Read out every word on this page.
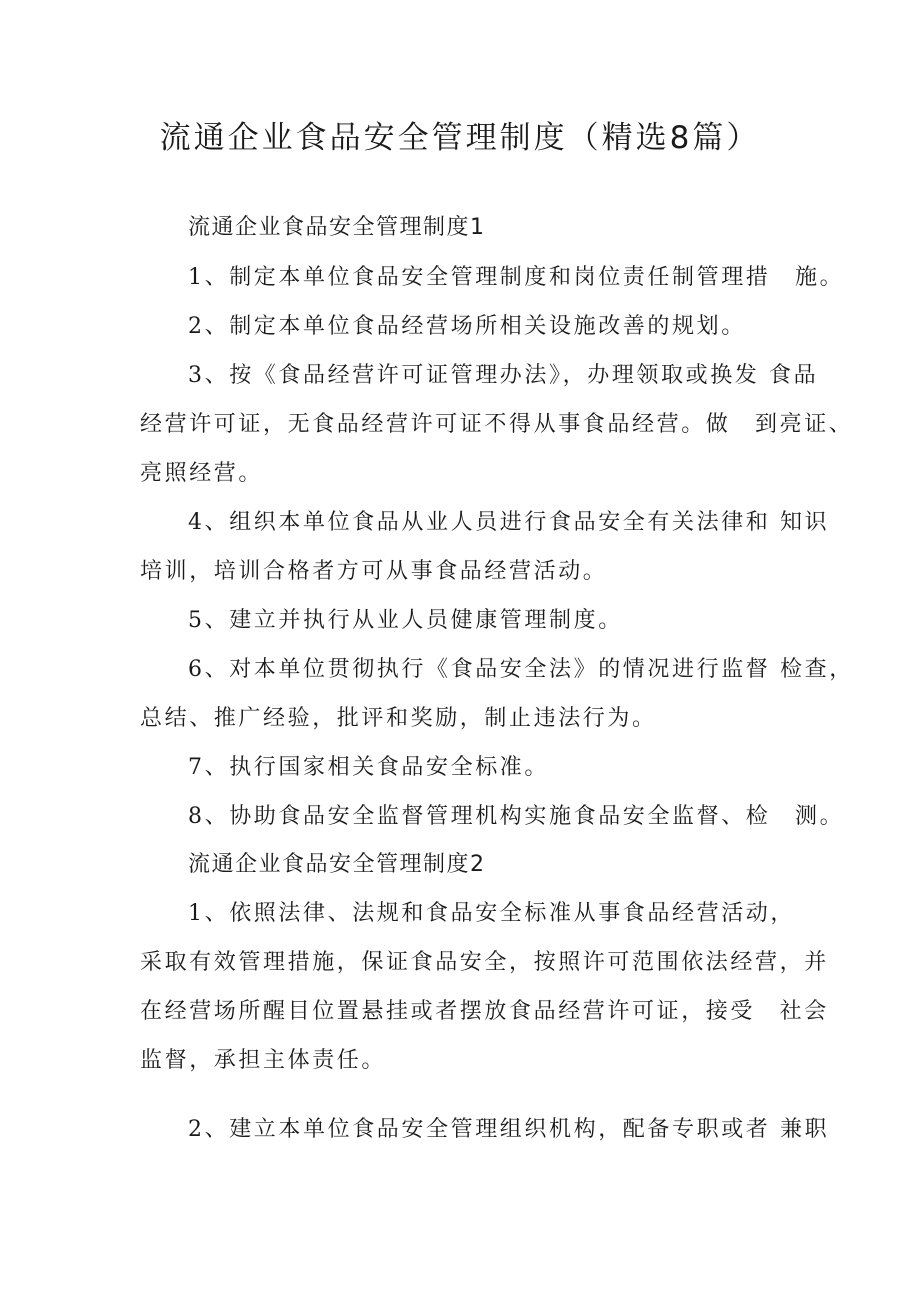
流通企业食品安全管理制度（精选8篇）

流通企业食品安全管理制度1

1、制定本单位食品安全管理制度和岗位责任制管理措　施。

2、制定本单位食品经营场所相关设施改善的规划。

3、按《食品经营许可证管理办法》，办理领取或换发 食品

经营许可证，无食品经营许可证不得从事食品经营。做　到亮证、

亮照经营。

4、组织本单位食品从业人员进行食品安全有关法律和 知识

培训，培训合格者方可从事食品经营活动。

5、建立并执行从业人员健康管理制度。

6、对本单位贯彻执行《食品安全法》的情况进行监督 检查，

总结、推广经验，批评和奖励，制止违法行为。

7、执行国家相关食品安全标准。

8、协助食品安全监督管理机构实施食品安全监督、检　测。

流通企业食品安全管理制度2

1、依照法律、法规和食品安全标准从事食品经营活动，

采取有效管理措施，保证食品安全，按照许可范围依法经营，并

在经营场所醒目位置悬挂或者摆放食品经营许可证，接受　社会

监督，承担主体责任。

2、建立本单位食品安全管理组织机构，配备专职或者 兼职
